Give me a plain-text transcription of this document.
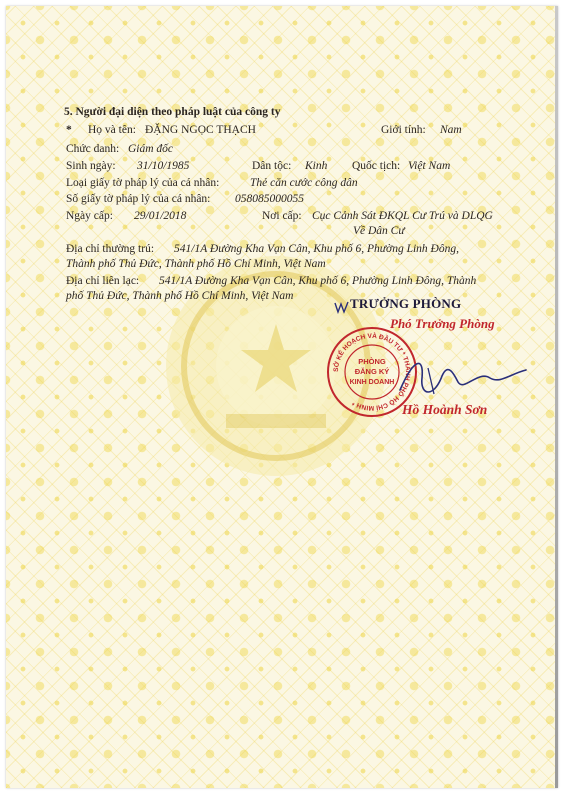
5. Người đại diện theo pháp luật của công ty
* Họ và tên: ĐẶNG NGỌC THẠCH	Giới tính: Nam
Chức danh: Giám đốc
Sinh ngày: 31/10/1985	Dân tộc: Kinh Quốc tịch: Việt Nam
Loại giấy tờ pháp lý của cá nhân:	Thẻ căn cước công dân
Số giấy tờ pháp lý của cá nhân: 058085000055
Ngày cấp: 29/01/2018	Nơi cấp: Cục Cảnh Sát ĐKQL Cư Trú và DLQG
Về Dân Cư
Địa chỉ thường trú: 541/1A Đường Kha Vạn Cân, Khu phố 6, Phường Linh Đông,
Thành phố Thủ Đức, Thành phố Hồ Chí Minh, Việt Nam
Địa chỉ liên lạc: 541/1A Đường Kha Vạn Cân, Khu phố 6, Phường Linh Đông, Thành
phố Thủ Đức, Thành phố Hồ Chí Minh, Việt Nam	TRƯỞNG PHÒNG
Phó Trưởng Phòng
SỞ KẾ HOẠCH VÀ ĐẦU TƯ * THÀNH PHỐ HỒ CHÍ MINH *
PHÒNG
ĐĂNG KÝ
KINH DOANH
Hồ Hoành Sơn
